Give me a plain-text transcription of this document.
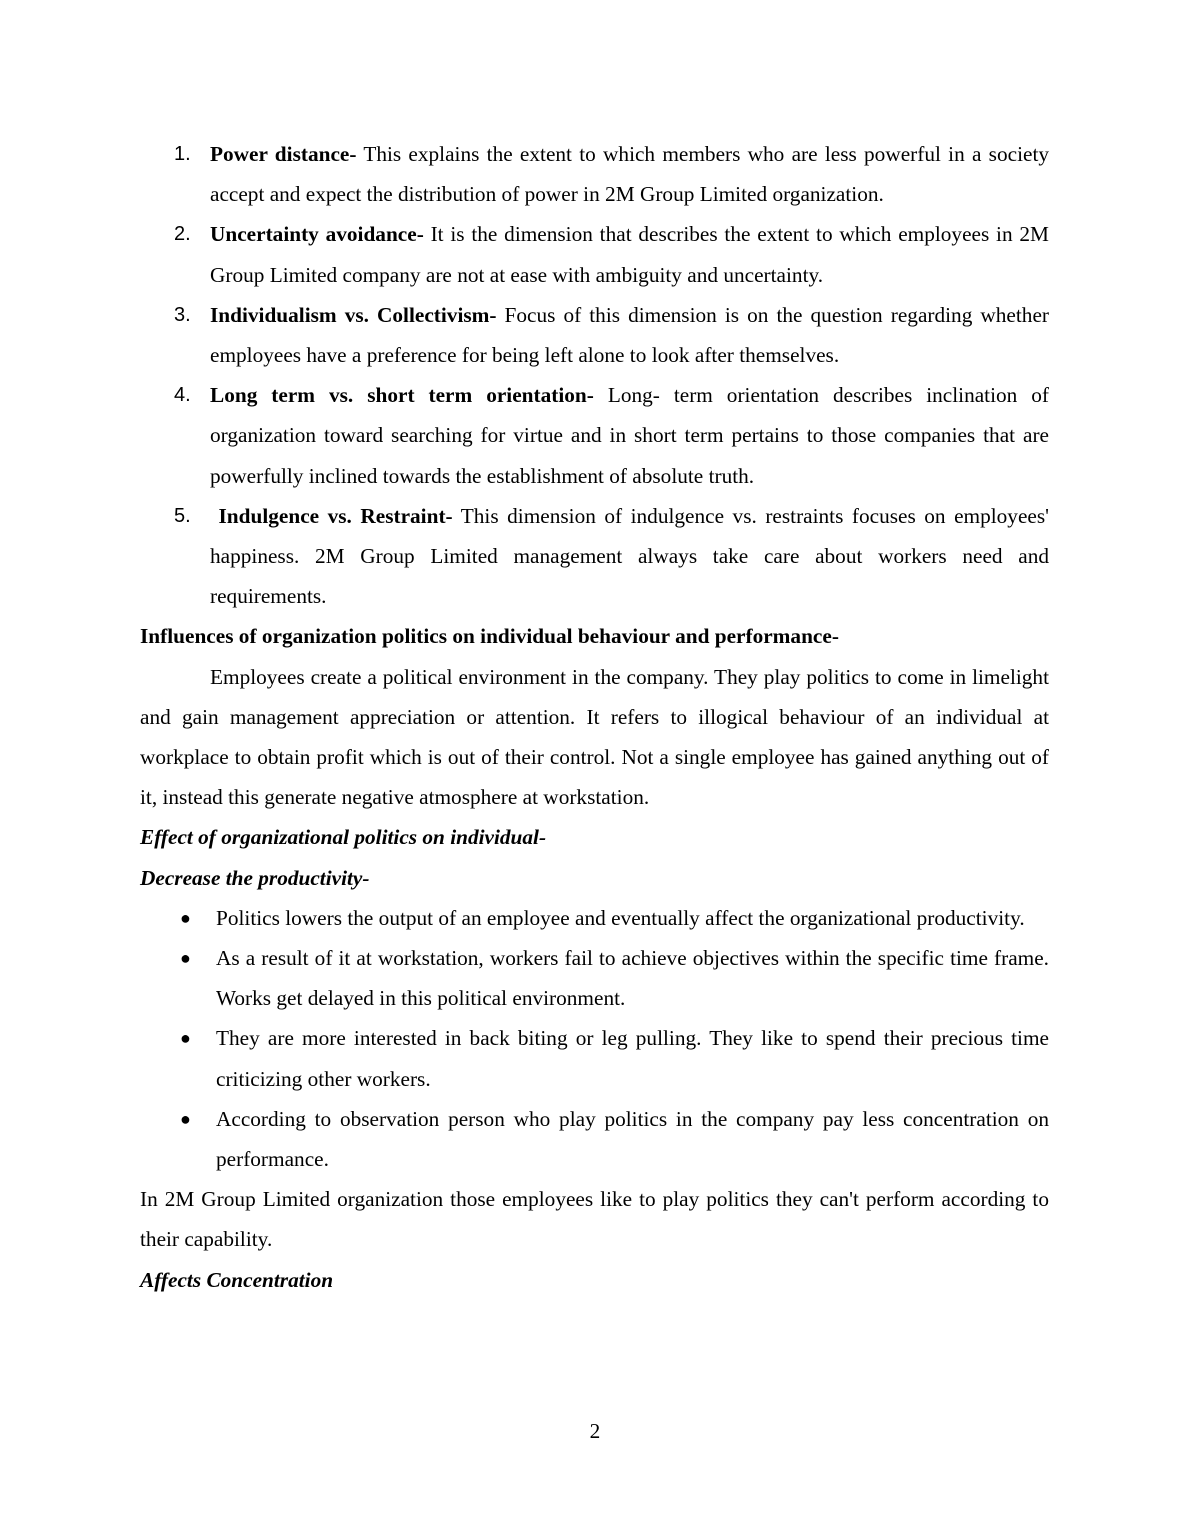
1. Power distance- This explains the extent to which members who are less powerful in a society accept and expect the distribution of power in 2M Group Limited organization.

2. Uncertainty avoidance- It is the dimension that describes the extent to which employees in 2M Group Limited company are not at ease with ambiguity and uncertainty.

3. Individualism vs. Collectivism- Focus of this dimension is on the question regarding whether employees have a preference for being left alone to look after themselves.

4. Long term vs. short term orientation- Long- term orientation describes inclination of organization toward searching for virtue and in short term pertains to those companies that are powerfully inclined towards the establishment of absolute truth.

5. Indulgence vs. Restraint- This dimension of indulgence vs. restraints focuses on employees' happiness. 2M Group Limited management always take care about workers need and requirements.

Influences of organization politics on individual behaviour and performance-

Employees create a political environment in the company. They play politics to come in limelight and gain management appreciation or attention. It refers to illogical behaviour of an individual at workplace to obtain profit which is out of their control. Not a single employee has gained anything out of it, instead this generate negative atmosphere at workstation.

Effect of organizational politics on individual-

Decrease the productivity-

● Politics lowers the output of an employee and eventually affect the organizational productivity.

● As a result of it at workstation, workers fail to achieve objectives within the specific time frame. Works get delayed in this political environment.

● They are more interested in back biting or leg pulling. They like to spend their precious time criticizing other workers.

● According to observation person who play politics in the company pay less concentration on performance.

In 2M Group Limited organization those employees like to play politics they can't perform according to their capability.

Affects Concentration

2
